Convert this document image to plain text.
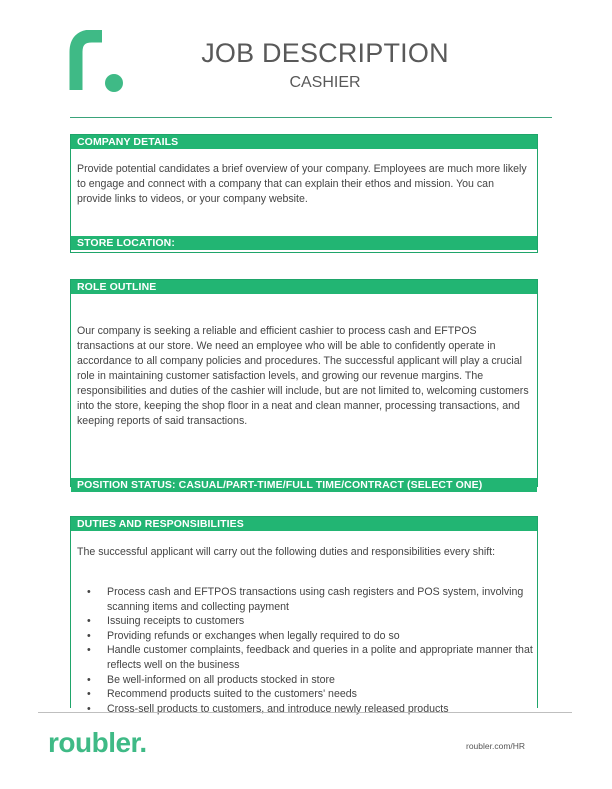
JOB DESCRIPTION
CASHIER
COMPANY DETAILS
Provide potential candidates a brief overview of your company. Employees are much more likely to engage and connect with a company that can explain their ethos and mission. You can provide links to videos, or your company website.
STORE LOCATION:
ROLE OUTLINE
Our company is seeking a reliable and efficient cashier to process cash and EFTPOS transactions at our store. We need an employee who will be able to confidently operate in accordance to all company policies and procedures. The successful applicant will play a crucial role in maintaining customer satisfaction levels, and growing our revenue margins. The responsibilities and duties of the cashier will include, but are not limited to, welcoming customers into the store, keeping the shop floor in a neat and clean manner, processing transactions, and keeping reports of said transactions.
POSITION STATUS: CASUAL/PART-TIME/FULL TIME/CONTRACT (SELECT ONE)
DUTIES AND RESPONSIBILITIES
The successful applicant will carry out the following duties and responsibilities every shift:
• Process cash and EFTPOS transactions using cash registers and POS system, involving scanning items and collecting payment
• Issuing receipts to customers
• Providing refunds or exchanges when legally required to do so
• Handle customer complaints, feedback and queries in a polite and appropriate manner that reflects well on the business
• Be well-informed on all products stocked in store
• Recommend products suited to the customers' needs
• Cross-sell products to customers, and introduce newly released products
roubler.	roubler.com/HR
